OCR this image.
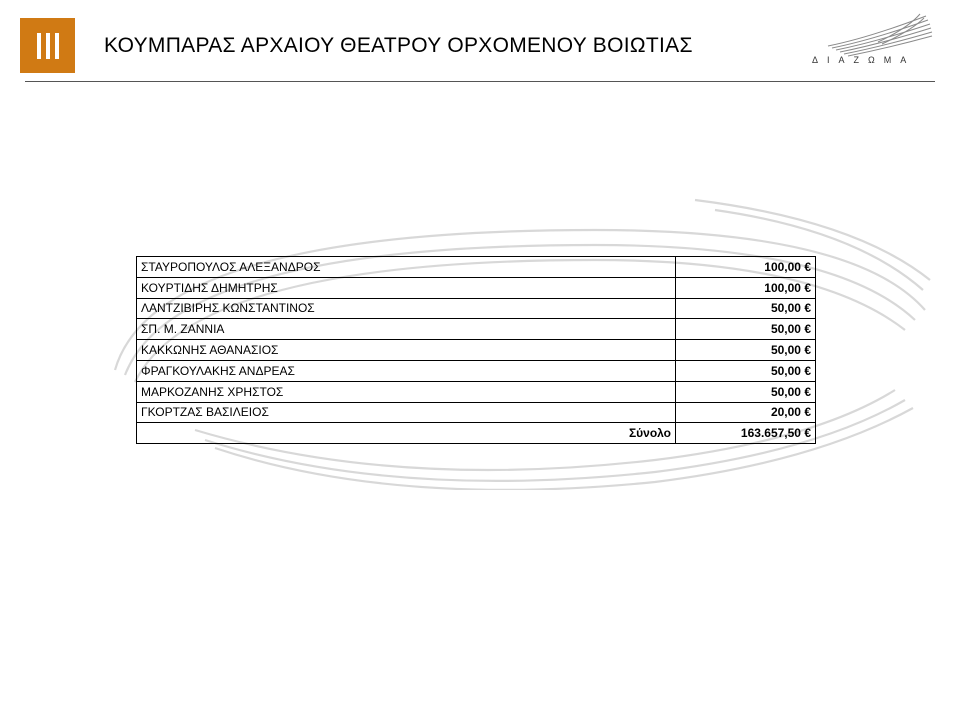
ΚΟΥΜΠΑΡΑΣ ΑΡΧΑΙΟΥ ΘΕΑΤΡΟΥ ΟΡΧΟΜΕΝΟΥ ΒΟΙΩΤΙΑΣ
ΔΙΑΖΩΜΑ
ΣΤΑΥΡΟΠΟΥΛΟΣ ΑΛΕΞΑΝΔΡΟΣ	100,00 €
ΚΟΥΡΤΙΔΗΣ ΔΗΜΗΤΡΗΣ	100,00 €
ΛΑΝΤΖΙΒΙΡΗΣ ΚΩΝΣΤΑΝΤΙΝΟΣ	50,00 €
ΣΠ. Μ. ΖΑΝΝΙΑ	50,00 €
ΚΑΚΚΩΝΗΣ ΑΘΑΝΑΣΙΟΣ	50,00 €
ΦΡΑΓΚΟΥΛΑΚΗΣ ΑΝΔΡΕΑΣ	50,00 €
ΜΑΡΚΟΖΑΝΗΣ ΧΡΗΣΤΟΣ	50,00 €
ΓΚΟΡΤΖΑΣ ΒΑΣΙΛΕΙΟΣ	20,00 €
Σύνολο	163.657,50 €
